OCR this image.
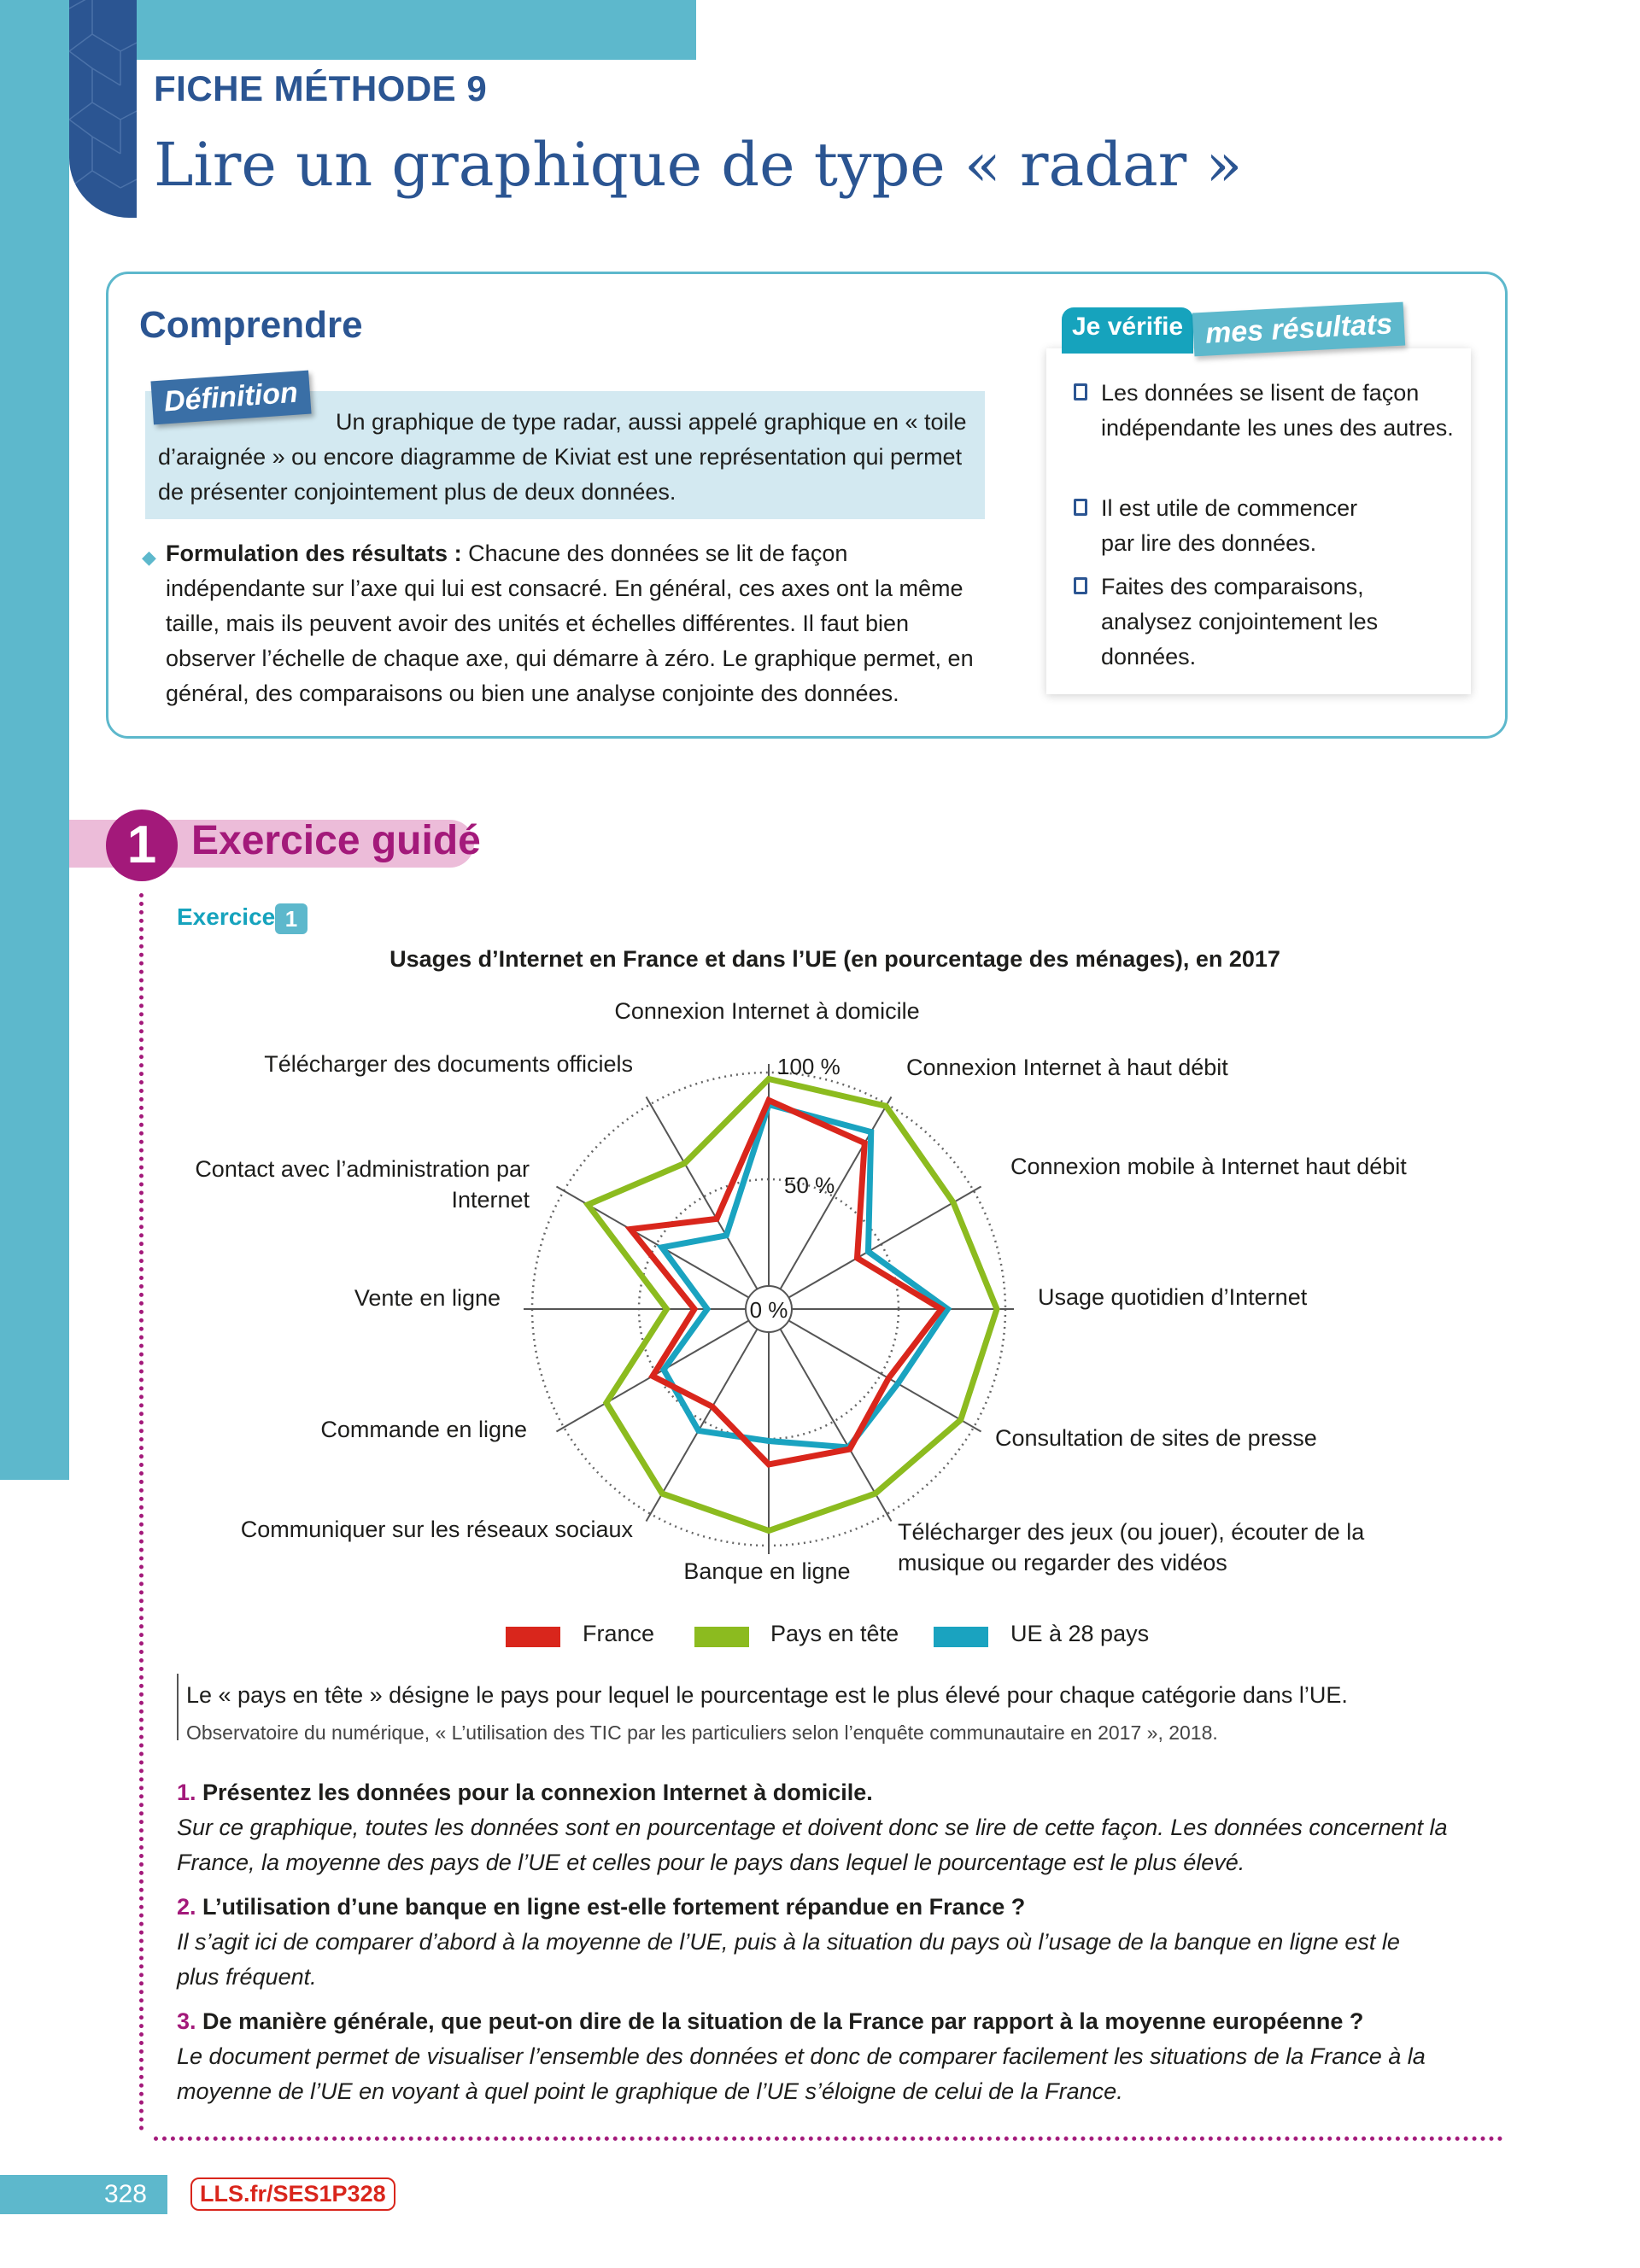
FICHE MÉTHODE 9
Lire un graphique de type « radar »
Comprendre
Un graphique de type radar, aussi appelé graphique en « toile d’araignée » ou encore diagramme de Kiviat est une représentation qui permet de présenter conjointement plus de deux données.
Définition
◆ Formulation des résultats : Chacune des données se lit de façon indépendante sur l’axe qui lui est consacré. En général, ces axes ont la même taille, mais ils peuvent avoir des unités et échelles différentes. Il faut bien observer l’échelle de chaque axe, qui démarre à zéro. Le graphique permet, en général, des comparaisons ou bien une analyse conjointe des données.
Je vérifie mes résultats
Les données se lisent de façon indépendante les unes des autres.
Il est utile de commencer par lire des données.
Faites des comparaisons, analysez conjointement les données.
1 Exercice guidé
Exercice 1
Usages d’Internet en France et dans l’UE (en pourcentage des ménages), en 2017
0 %
50 %
100 %
Connexion Internet à domicile
Connexion Internet à haut débit
Connexion mobile à Internet haut débit
Usage quotidien d’Internet
Consultation de sites de presse
Télécharger des jeux (ou jouer), écouter de la musique ou regarder des vidéos
Banque en ligne
Communiquer sur les réseaux sociaux
Commande en ligne
Vente en ligne
Contact avec l’administration par Internet
Télécharger des documents officiels
France	Pays en tête	UE à 28 pays
Le « pays en tête » désigne le pays pour lequel le pourcentage est le plus élevé pour chaque catégorie dans l’UE.
Observatoire du numérique, « L’utilisation des TIC par les particuliers selon l’enquête communautaire en 2017 », 2018.
1. Présentez les données pour la connexion Internet à domicile.
Sur ce graphique, toutes les données sont en pourcentage et doivent donc se lire de cette façon. Les données concernent la France, la moyenne des pays de l’UE et celles pour le pays dans lequel le pourcentage est le plus élevé.
2. L’utilisation d’une banque en ligne est-elle fortement répandue en France ?
Il s’agit ici de comparer d’abord à la moyenne de l’UE, puis à la situation du pays où l’usage de la banque en ligne est le plus fréquent.
3. De manière générale, que peut-on dire de la situation de la France par rapport à la moyenne européenne ?
Le document permet de visualiser l’ensemble des données et donc de comparer facilement les situations de la France à la moyenne de l’UE en voyant à quel point le graphique de l’UE s’éloigne de celui de la France.
328	LLS.fr/SES1P328
